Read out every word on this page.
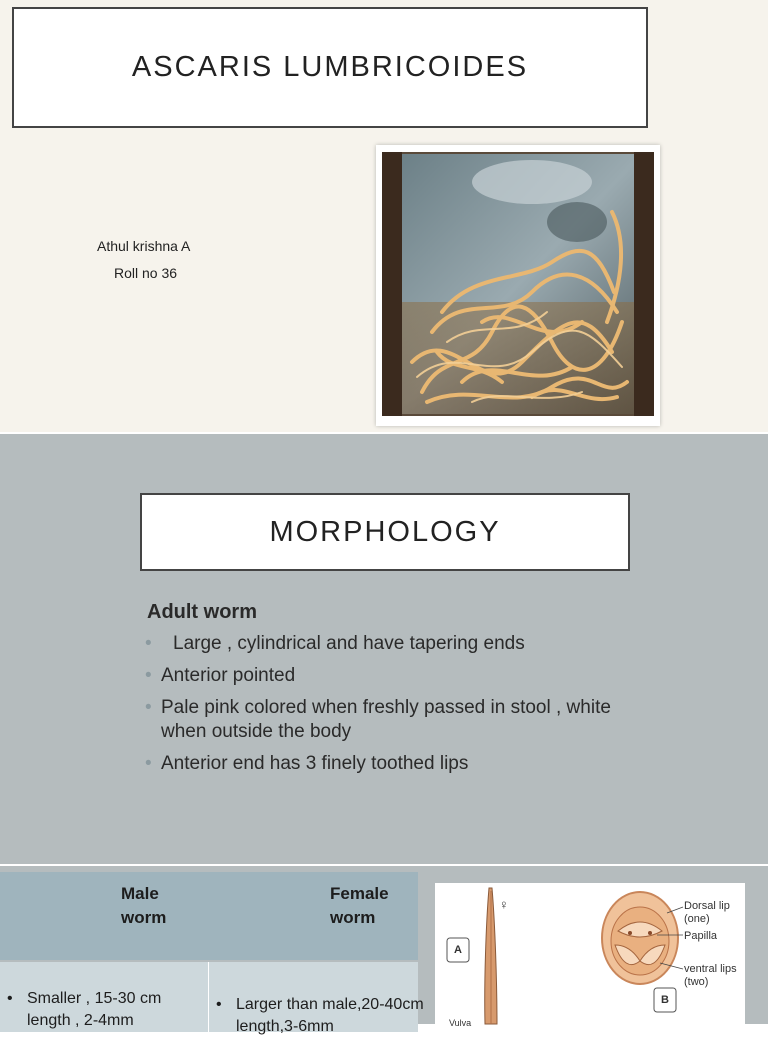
ASCARIS LUMBRICOIDES
Athul krishna A
Roll no 36
MORPHOLOGY
Adult worm
• Large , cylindrical and have tapering ends
• Anterior pointed
• Pale pink colored when freshly passed in stool , white when outside the body
• Anterior end has 3 finely toothed lips
Male worm
Female worm
• Smaller , 15-30 cm length , 2-4mm
• Larger than male,20-40cm length,3-6mm
♀
A
B
Vulva
Dorsal lip
(one)
Papilla
ventral lips
(two)
